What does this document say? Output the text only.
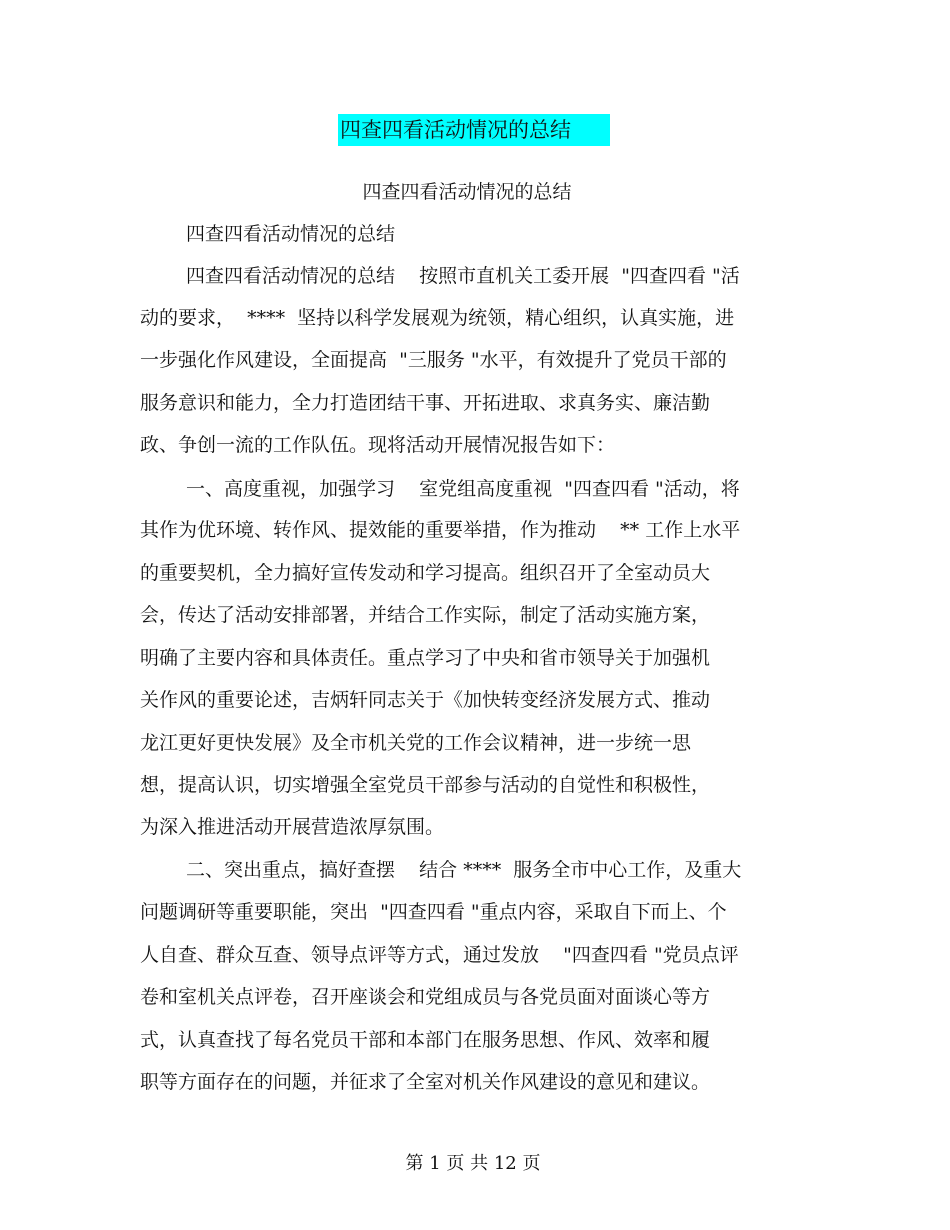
四查四看活动情况的总结
四查四看活动情况的总结
四查四看活动情况的总结
四查四看活动情况的总结    按照市直机关工委开展  "四查四看 "活
动的要求，  ****  坚持以科学发展观为统领，精心组织，认真实施，进
一步强化作风建设，全面提高  "三服务 "水平，有效提升了党员干部的
服务意识和能力，全力打造团结干事、开拓进取、求真务实、廉洁勤
政、争创一流的工作队伍。现将活动开展情况报告如下：
一、高度重视，加强学习    室党组高度重视  "四查四看 "活动，将
其作为优环境、转作风、提效能的重要举措，作为推动    ** 工作上水平
的重要契机，全力搞好宣传发动和学习提高。组织召开了全室动员大
会，传达了活动安排部署，并结合工作实际，制定了活动实施方案，
明确了主要内容和具体责任。重点学习了中央和省市领导关于加强机
关作风的重要论述，吉炳轩同志关于《加快转变经济发展方式、推动
龙江更好更快发展》及全市机关党的工作会议精神，进一步统一思
想，提高认识，切实增强全室党员干部参与活动的自觉性和积极性，
为深入推进活动开展营造浓厚氛围。
二、突出重点，搞好查摆    结合 ****  服务全市中心工作，及重大
问题调研等重要职能，突出  "四查四看 "重点内容，采取自下而上、个
人自查、群众互查、领导点评等方式，通过发放    "四查四看 "党员点评
卷和室机关点评卷，召开座谈会和党组成员与各党员面对面谈心等方
式，认真查找了每名党员干部和本部门在服务思想、作风、效率和履
职等方面存在的问题，并征求了全室对机关作风建设的意见和建议。
第 1 页 共 12 页
